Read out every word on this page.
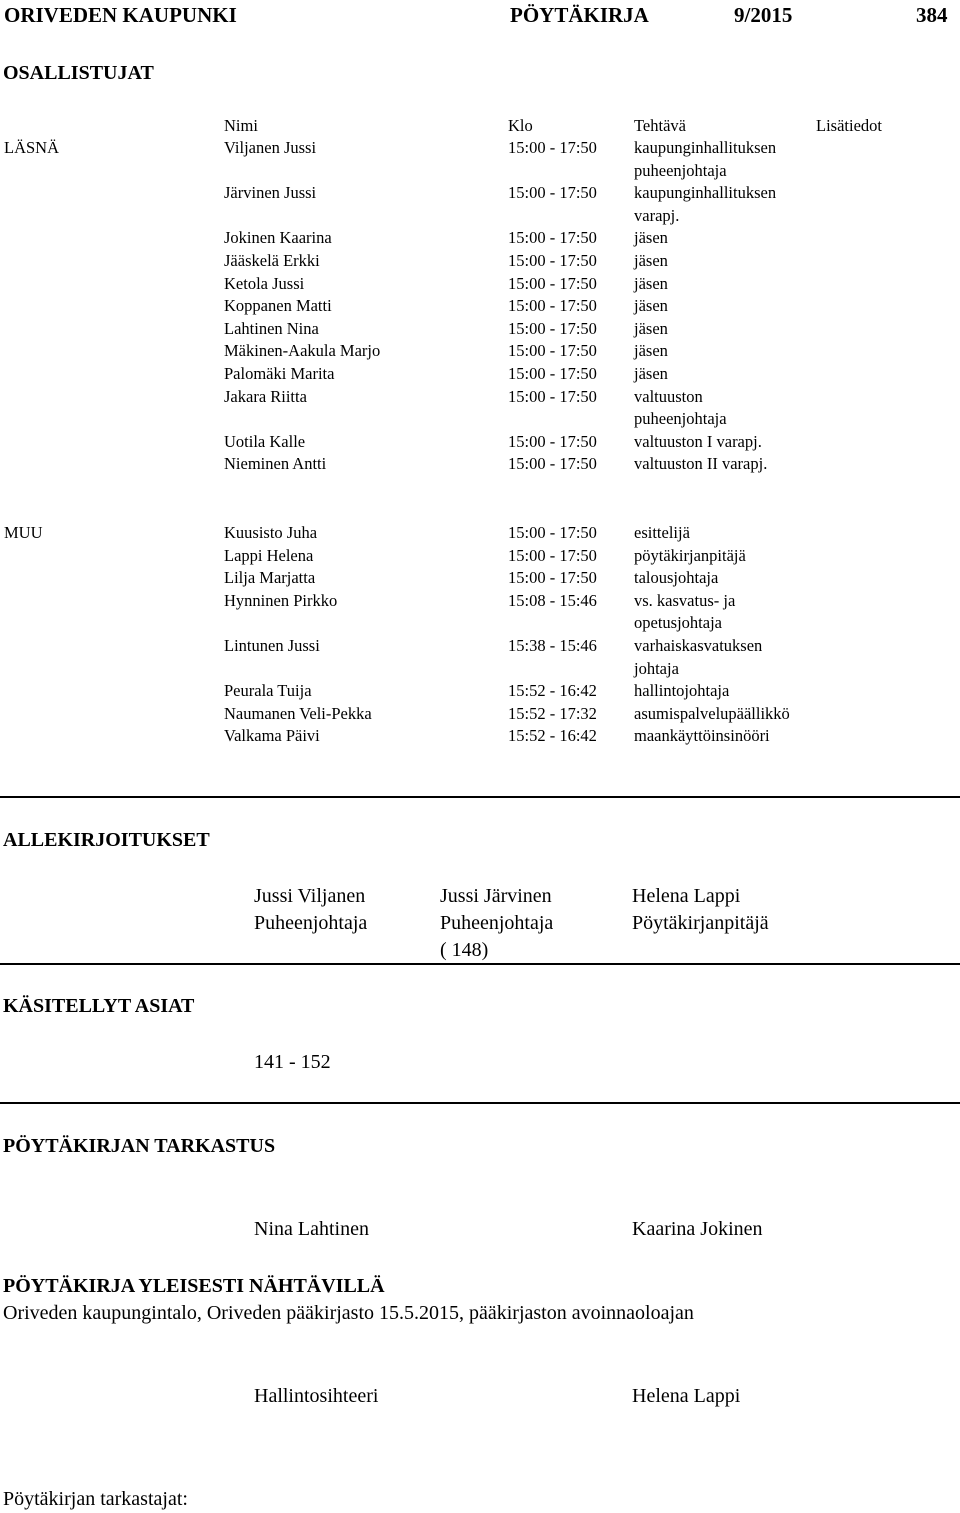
ORIVEDEN KAUPUNKI	PÖYTÄKIRJA	9/2015	384
OSALLISTUJAT
Nimi	Klo	Tehtävä	Lisätiedot
LÄSNÄ	Viljanen Jussi	15:00 - 17:50 kaupunginhallituksen
puheenjohtaja
Järvinen Jussi	15:00 - 17:50 kaupunginhallituksen
varapj.
Jokinen Kaarina	15:00 - 17:50 jäsen
Jääskelä Erkki	15:00 - 17:50 jäsen
Ketola Jussi	15:00 - 17:50 jäsen
Koppanen Matti	15:00 - 17:50 jäsen
Lahtinen Nina	15:00 - 17:50 jäsen
Mäkinen-Aakula Marjo	15:00 - 17:50 jäsen
Palomäki Marita	15:00 - 17:50 jäsen
Jakara Riitta	15:00 - 17:50 valtuuston
puheenjohtaja
Uotila Kalle	15:00 - 17:50 valtuuston I varapj.
Nieminen Antti	15:00 - 17:50 valtuuston II varapj.
MUU	Kuusisto Juha	15:00 - 17:50 esittelijä
Lappi Helena	15:00 - 17:50 pöytäkirjanpitäjä
Lilja Marjatta	15:00 - 17:50 talousjohtaja
Hynninen Pirkko	15:08 - 15:46 vs. kasvatus- ja
opetusjohtaja
Lintunen Jussi	15:38 - 15:46 varhaiskasvatuksen
johtaja
Peurala Tuija	15:52 - 16:42 hallintojohtaja
Naumanen Veli-Pekka	15:52 - 17:32 asumispalvelupäällikkö
Valkama Päivi	15:52 - 16:42 maankäyttöinsinööri
ALLEKIRJOITUKSET
Jussi Viljanen
Puheenjohtaja
Jussi Järvinen
Puheenjohtaja
( 148)
Helena Lappi
Pöytäkirjanpitäjä
KÄSITELLYT ASIAT
141 - 152
PÖYTÄKIRJAN TARKASTUS
Nina Lahtinen	Kaarina Jokinen
PÖYTÄKIRJA YLEISESTI NÄHTÄVILLÄ
Oriveden kaupungintalo, Oriveden pääkirjasto 15.5.2015, pääkirjaston avoinnaoloajan
Hallintosihteeri	Helena Lappi
Pöytäkirjan tarkastajat:
